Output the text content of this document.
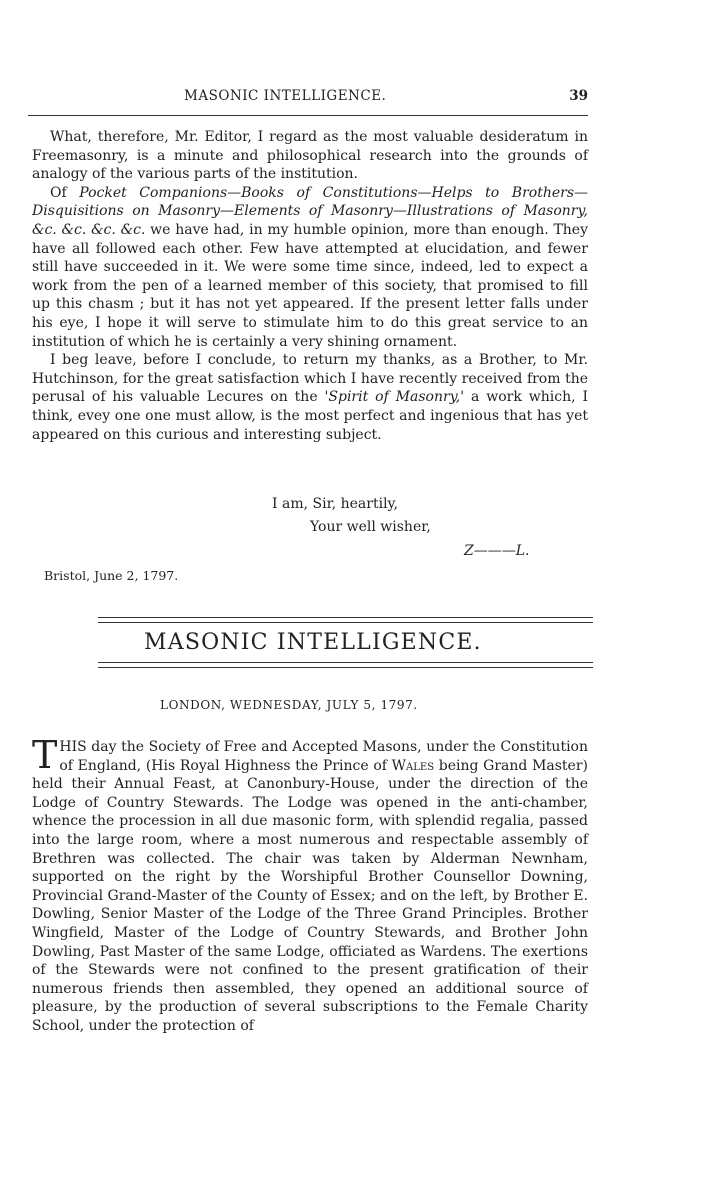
MASONIC INTELLIGENCE.	39

What, therefore, Mr. Editor, I regard as the most valuable desideratum in Freemasonry, is a minute and philosophical research into the grounds of analogy of the various parts of the institution.

Of Pocket Companions—Books of Constitutions—Helps to Brothers—Disquisitions on Masonry—Elements of Masonry—Illustrations of Masonry, &c. &c. &c. &c. we have had, in my humble opinion, more than enough. They have all followed each other. Few have attempted at elucidation, and fewer still have succeeded in it. We were some time since, indeed, led to expect a work from the pen of a learned member of this society, that promised to fill up this chasm ; but it has not yet appeared. If the present letter falls under his eye, I hope it will serve to stimulate him to do this great service to an institution of which he is certainly a very shining ornament.

I beg leave, before I conclude, to return my thanks, as a Brother, to Mr. Hutchinson, for the great satisfaction which I have recently received from the perusal of his valuable Lecures on the 'Spirit of Masonry,' a work which, I think, evey one one must allow, is the most perfect and ingenious that has yet appeared on this curious and interesting subject.

I am, Sir, heartily,
Your well wisher,
Z———L.
Bristol, June 2, 1797.
MASONIC INTELLIGENCE.
LONDON, WEDNESDAY, JULY 5, 1797.

THIS day the Society of Free and Accepted Masons, under the Constitution of England, (His Royal Highness the Prince of Wales being Grand Master) held their Annual Feast, at Canonbury-House, under the direction of the Lodge of Country Stewards. The Lodge was opened in the anti-chamber, whence the procession in all due masonic form, with splendid regalia, passed into the large room, where a most numerous and respectable assembly of Brethren was collected. The chair was taken by Alderman Newnham, supported on the right by the Worshipful Brother Counsellor Downing, Provincial Grand-Master of the County of Essex; and on the left, by Brother E. Dowling, Senior Master of the Lodge of the Three Grand Principles. Brother Wingfield, Master of the Lodge of Country Stewards, and Brother John Dowling, Past Master of the same Lodge, officiated as Wardens. The exertions of the Stewards were not confined to the present gratification of their numerous friends then assembled, they opened an additional source of pleasure, by the production of several subscriptions to the Female Charity School, under the protection of
